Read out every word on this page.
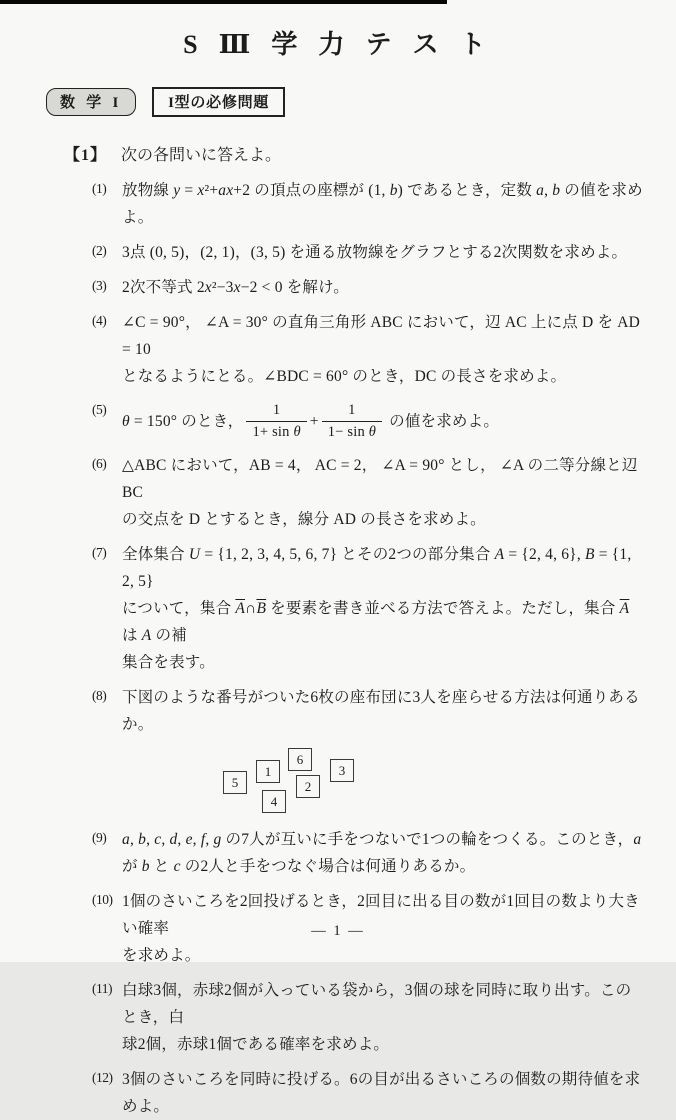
S Ⅲ 学 力 テ ス ト
数 学 I	I型の必修問題
【1】 次の各問いに答えよ。
(1)	放物線 y = x²+ax+2 の頂点の座標が (1, b) であるとき，定数 a, b の値を求めよ。
(2)	3点 (0, 5)，(2, 1)，(3, 5) を通る放物線をグラフとする2次関数を求めよ。
(3)	2次不等式 2x²−3x−2 < 0 を解け。
(4)	∠C = 90°， ∠A = 30° の直角三角形 ABC において，辺 AC 上に点 D を AD = 10
となるようにとる。∠BDC = 60° のとき，DC の長さを求めよ。
(5)
θ = 150° のとき， $\frac{1}{\text{1+ sin θ}} + \frac{1}{\text{1− sin θ}}$ の値を求めよ。
(6)	△ABC において，AB = 4， AC = 2， ∠A = 90° とし， ∠A の二等分線と辺 BC
の交点を D とするとき，線分 AD の長さを求めよ。
(7)	全体集合 U = {1, 2, 3, 4, 5, 6, 7} とその2つの部分集合 A = {2, 4, 6}, B = {1, 2, 5}
について，集合 $\overline{A}\cap\overline{B}$ を要素を書き並べる方法で答えよ。ただし，集合 $\overline{A}$ は A の補
集合を表す。
(8)	下図のような番号がついた6枚の座布団に3人を座らせる方法は何通りあるか。
5
1
6
2
3
4
(9)	a, b, c, d, e, f, g の7人が互いに手をつないで1つの輪をつくる。このとき，a
が b と c の2人と手をつなぐ場合は何通りあるか。
(10) 1個のさいころを2回投げるとき，2回目に出る目の数が1回目の数より大きい確率
を求めよ。
(11) 白球3個，赤球2個が入っている袋から，3個の球を同時に取り出す。このとき，白
球2個，赤球1個である確率を求めよ。
(12) 3個のさいころを同時に投げる。6の目が出るさいころの個数の期待値を求めよ。
— 1 —
